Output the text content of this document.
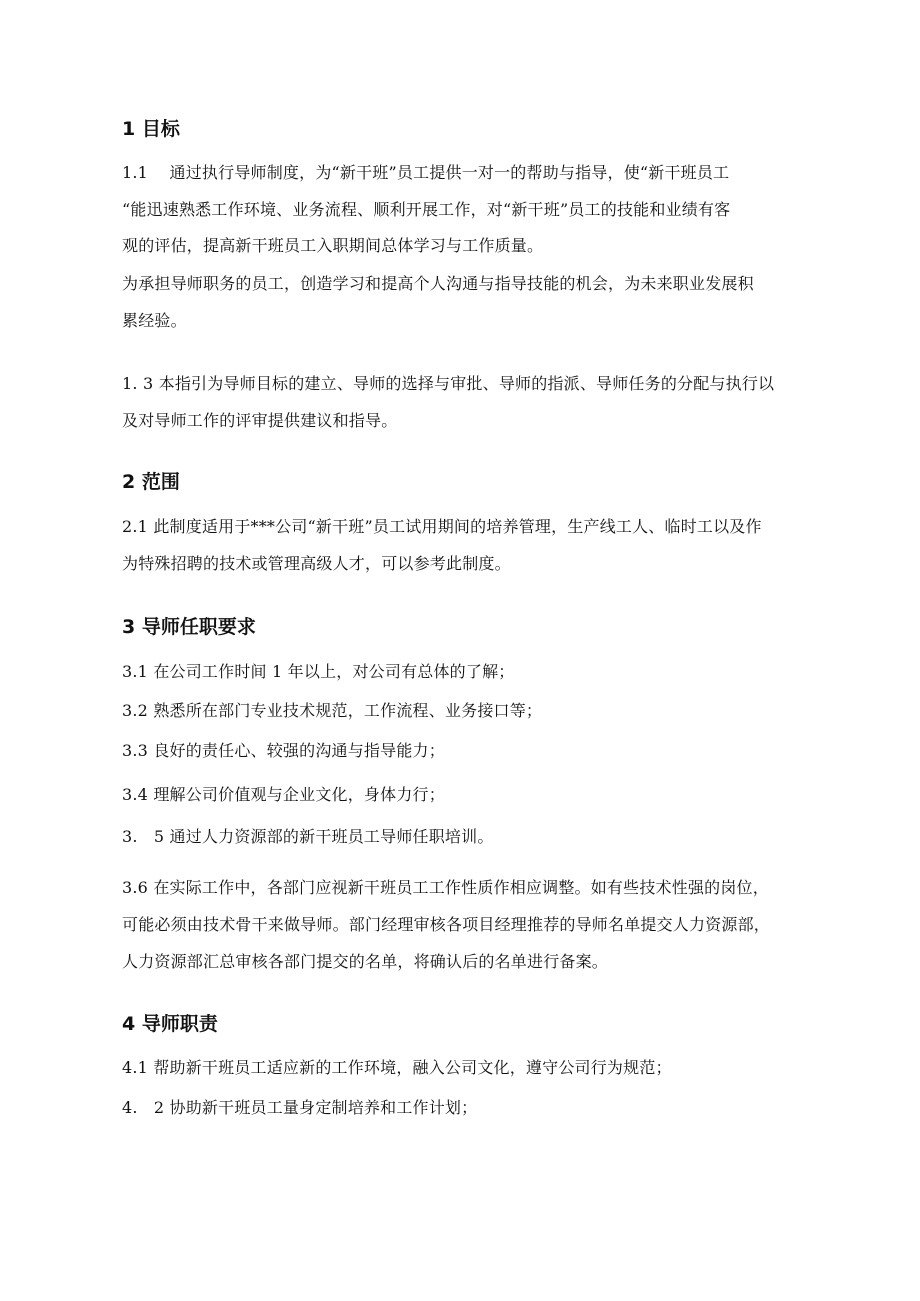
1 目标
1.1　 通过执行导师制度，为“新干班”员工提供一对一的帮助与指导，使“新干班员工
“能迅速熟悉工作环境、业务流程、顺利开展工作，对“新干班”员工的技能和业绩有客
观的评估，提高新干班员工入职期间总体学习与工作质量。
为承担导师职务的员工，创造学习和提高个人沟通与指导技能的机会，为未来职业发展积
累经验。
1. 3 本指引为导师目标的建立、导师的选择与审批、导师的指派、导师任务的分配与执行以
及对导师工作的评审提供建议和指导。
2 范围
2.1 此制度适用于***公司“新干班”员工试用期间的培养管理，生产线工人、临时工以及作
为特殊招聘的技术或管理高级人才，可以参考此制度。
3 导师任职要求
3.1 在公司工作时间 1 年以上，对公司有总体的了解；
3.2 熟悉所在部门专业技术规范，工作流程、业务接口等；
3.3 良好的责任心、较强的沟通与指导能力；
3.4 理解公司价值观与企业文化，身体力行；
3.　5 通过人力资源部的新干班员工导师任职培训。
3.6 在实际工作中，各部门应视新干班员工工作性质作相应调整。如有些技术性强的岗位，
可能必须由技术骨干来做导师。部门经理审核各项目经理推荐的导师名单提交人力资源部，
人力资源部汇总审核各部门提交的名单，将确认后的名单进行备案。
4 导师职责
4.1 帮助新干班员工适应新的工作环境，融入公司文化，遵守公司行为规范；
4.　2 协助新干班员工量身定制培养和工作计划；
